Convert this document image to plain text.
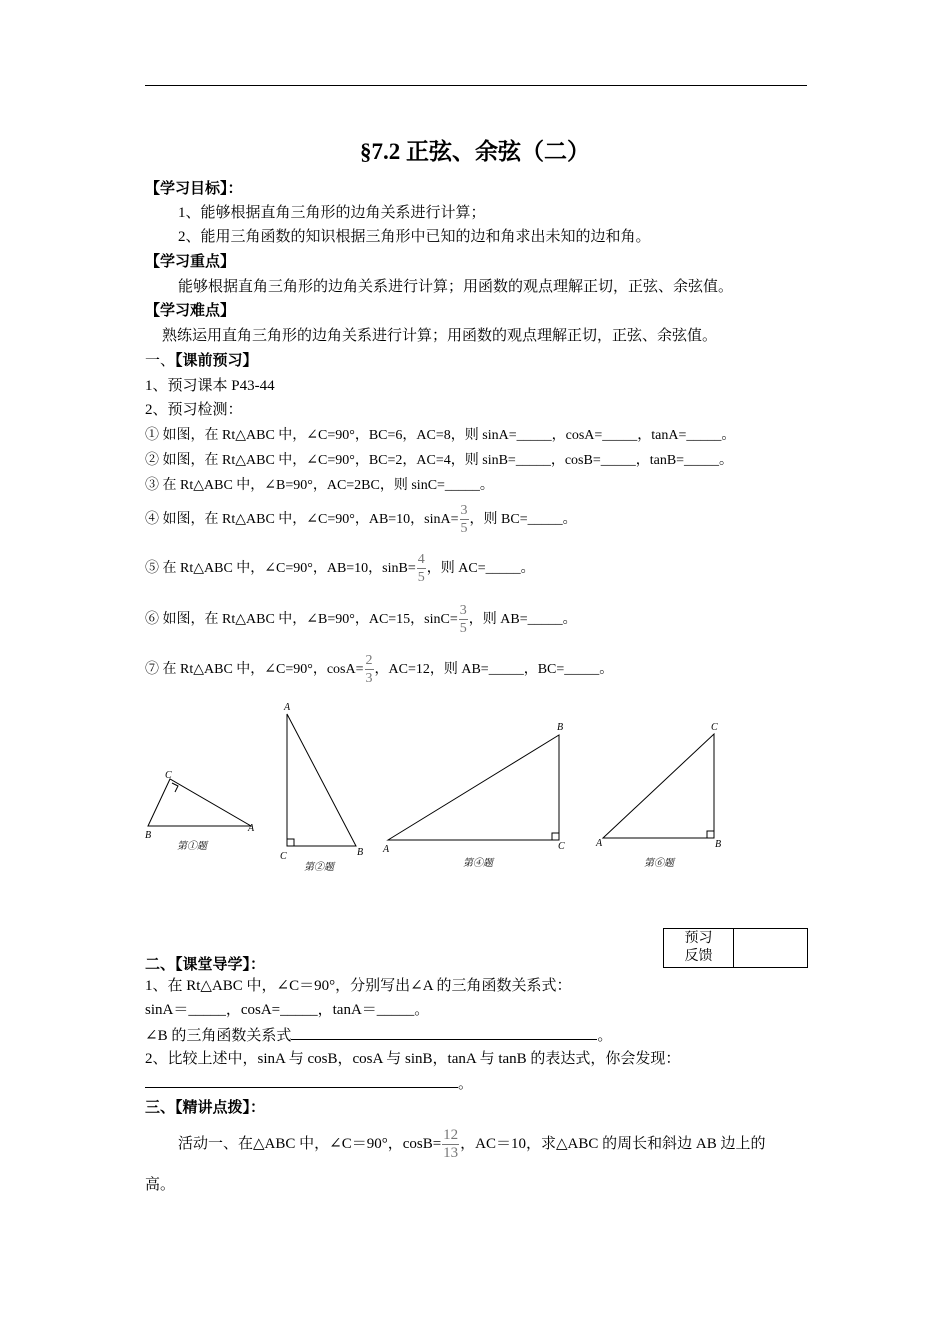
§7.2 正弦、余弦（二）
【学习目标】：
1、能够根据直角三角形的边角关系进行计算；
2、能用三角函数的知识根据三角形中已知的边和角求出未知的边和角。
【学习重点】
能够根据直角三角形的边角关系进行计算；用函数的观点理解正切，正弦、余弦值。
【学习难点】
熟练运用直角三角形的边角关系进行计算；用函数的观点理解正切，正弦、余弦值。
一、【课前预习】
1、预习课本 P43-44
2、预习检测：
① 如图，在 Rt△ABC 中，∠C=90°，BC=6，AC=8，则 sinA=_____，cosA=_____，tanA=_____。
② 如图，在 Rt△ABC 中，∠C=90°，BC=2，AC=4，则 sinB=_____，cosB=_____，tanB=_____。
③ 在 Rt△ABC 中，∠B=90°，AC=2BC，则 sinC=_____。
④ 如图，在 Rt△ABC 中，∠C=90°，AB=10，$\sin A= \frac{3}{5}$ ，则 BC=_____。
⑤ 在 Rt△ABC 中，∠C=90°，AB=10，$\sin B= \frac{4}{5}$ ，则 AC=_____。
⑥ 如图，在 Rt△ABC 中，∠B=90°，AC=15，$\sin C= \frac{3}{5}$ ，则 AB=_____。
⑦ 在 Rt△ABC 中，∠C=90°，$\cos A= \frac{2}{3}$ ，AC=12，则 AB=_____，BC=_____。
B
C
A
第①题
A
C	B
第②题
B
A	C
第④题
C
A	B
第⑥题
预习
反馈
二、【课堂导学】：
1、在 Rt△ABC 中，∠C＝90°，分别写出∠A 的三角函数关系式：
sinA＝_____，cosA=_____，tanA＝_____。
∠B 的三角函数关系式	。
2、比较上述中，sinA 与 cosB，cosA 与 sinB，tanA 与 tanB 的表达式，你会发现：
。
三、【精讲点拨】：
活动一、在△ABC 中，∠C＝90°，$\cos B= \frac{12}{13}$ ，AC＝10，求△ABC 的周长和斜边 AB 边上的
高。
